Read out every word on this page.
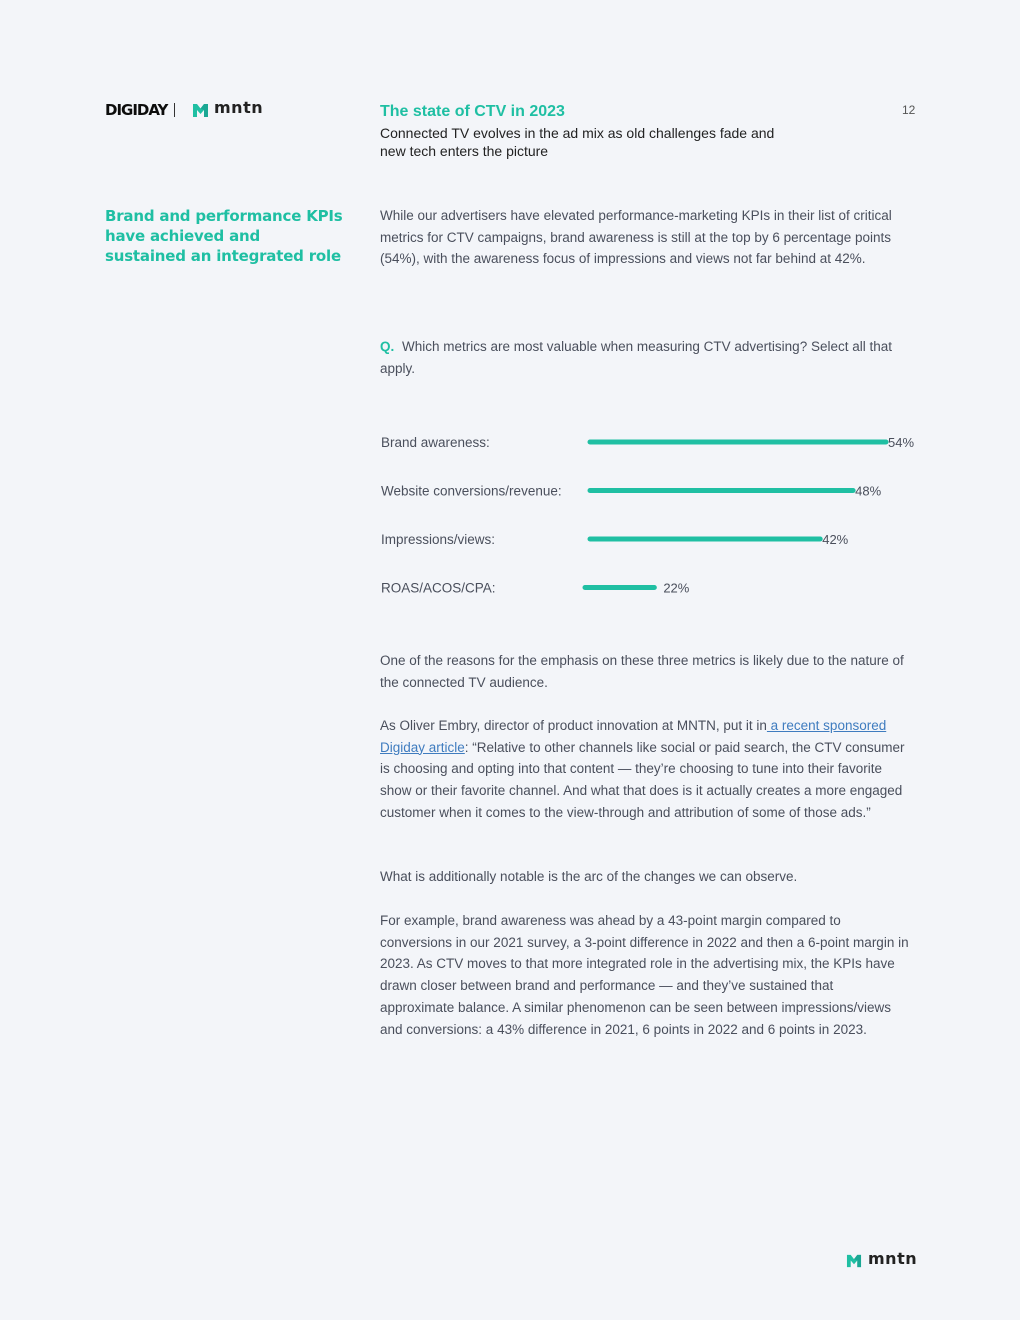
DIGIDAY	mntn	The state of CTV in 2023
Connected TV evolves in the ad mix as old challenges fade and new tech enters the picture
12
Brand and performance KPIs have achieved and sustained an integrated role
While our advertisers have elevated performance-marketing KPIs in their list of critical metrics for CTV campaigns, brand awareness is still at the top by 6 percentage points (54%), with the awareness focus of impressions and views not far behind at 42%.
Q. Which metrics are most valuable when measuring CTV advertising? Select all that apply.
Brand awareness:	54%
Website conversions/revenue:	48%
Impressions/views:	42%
ROAS/ACOS/CPA:	22%
One of the reasons for the emphasis on these three metrics is likely due to the nature of the connected TV audience.
As Oliver Embry, director of product innovation at MNTN, put it in a recent sponsored Digiday article: “Relative to other channels like social or paid search, the CTV consumer is choosing and opting into that content — they’re choosing to tune into their favorite show or their favorite channel. And what that does is it actually creates a more engaged customer when it comes to the view-through and attribution of some of those ads.”
What is additionally notable is the arc of the changes we can observe.
For example, brand awareness was ahead by a 43-point margin compared to conversions in our 2021 survey, a 3-point difference in 2022 and then a 6-point margin in 2023. As CTV moves to that more integrated role in the advertising mix, the KPIs have drawn closer between brand and performance — and they’ve sustained that approximate balance. A similar phenomenon can be seen between impressions/views and conversions: a 43% difference in 2021, 6 points in 2022 and 6 points in 2023.
mntn
